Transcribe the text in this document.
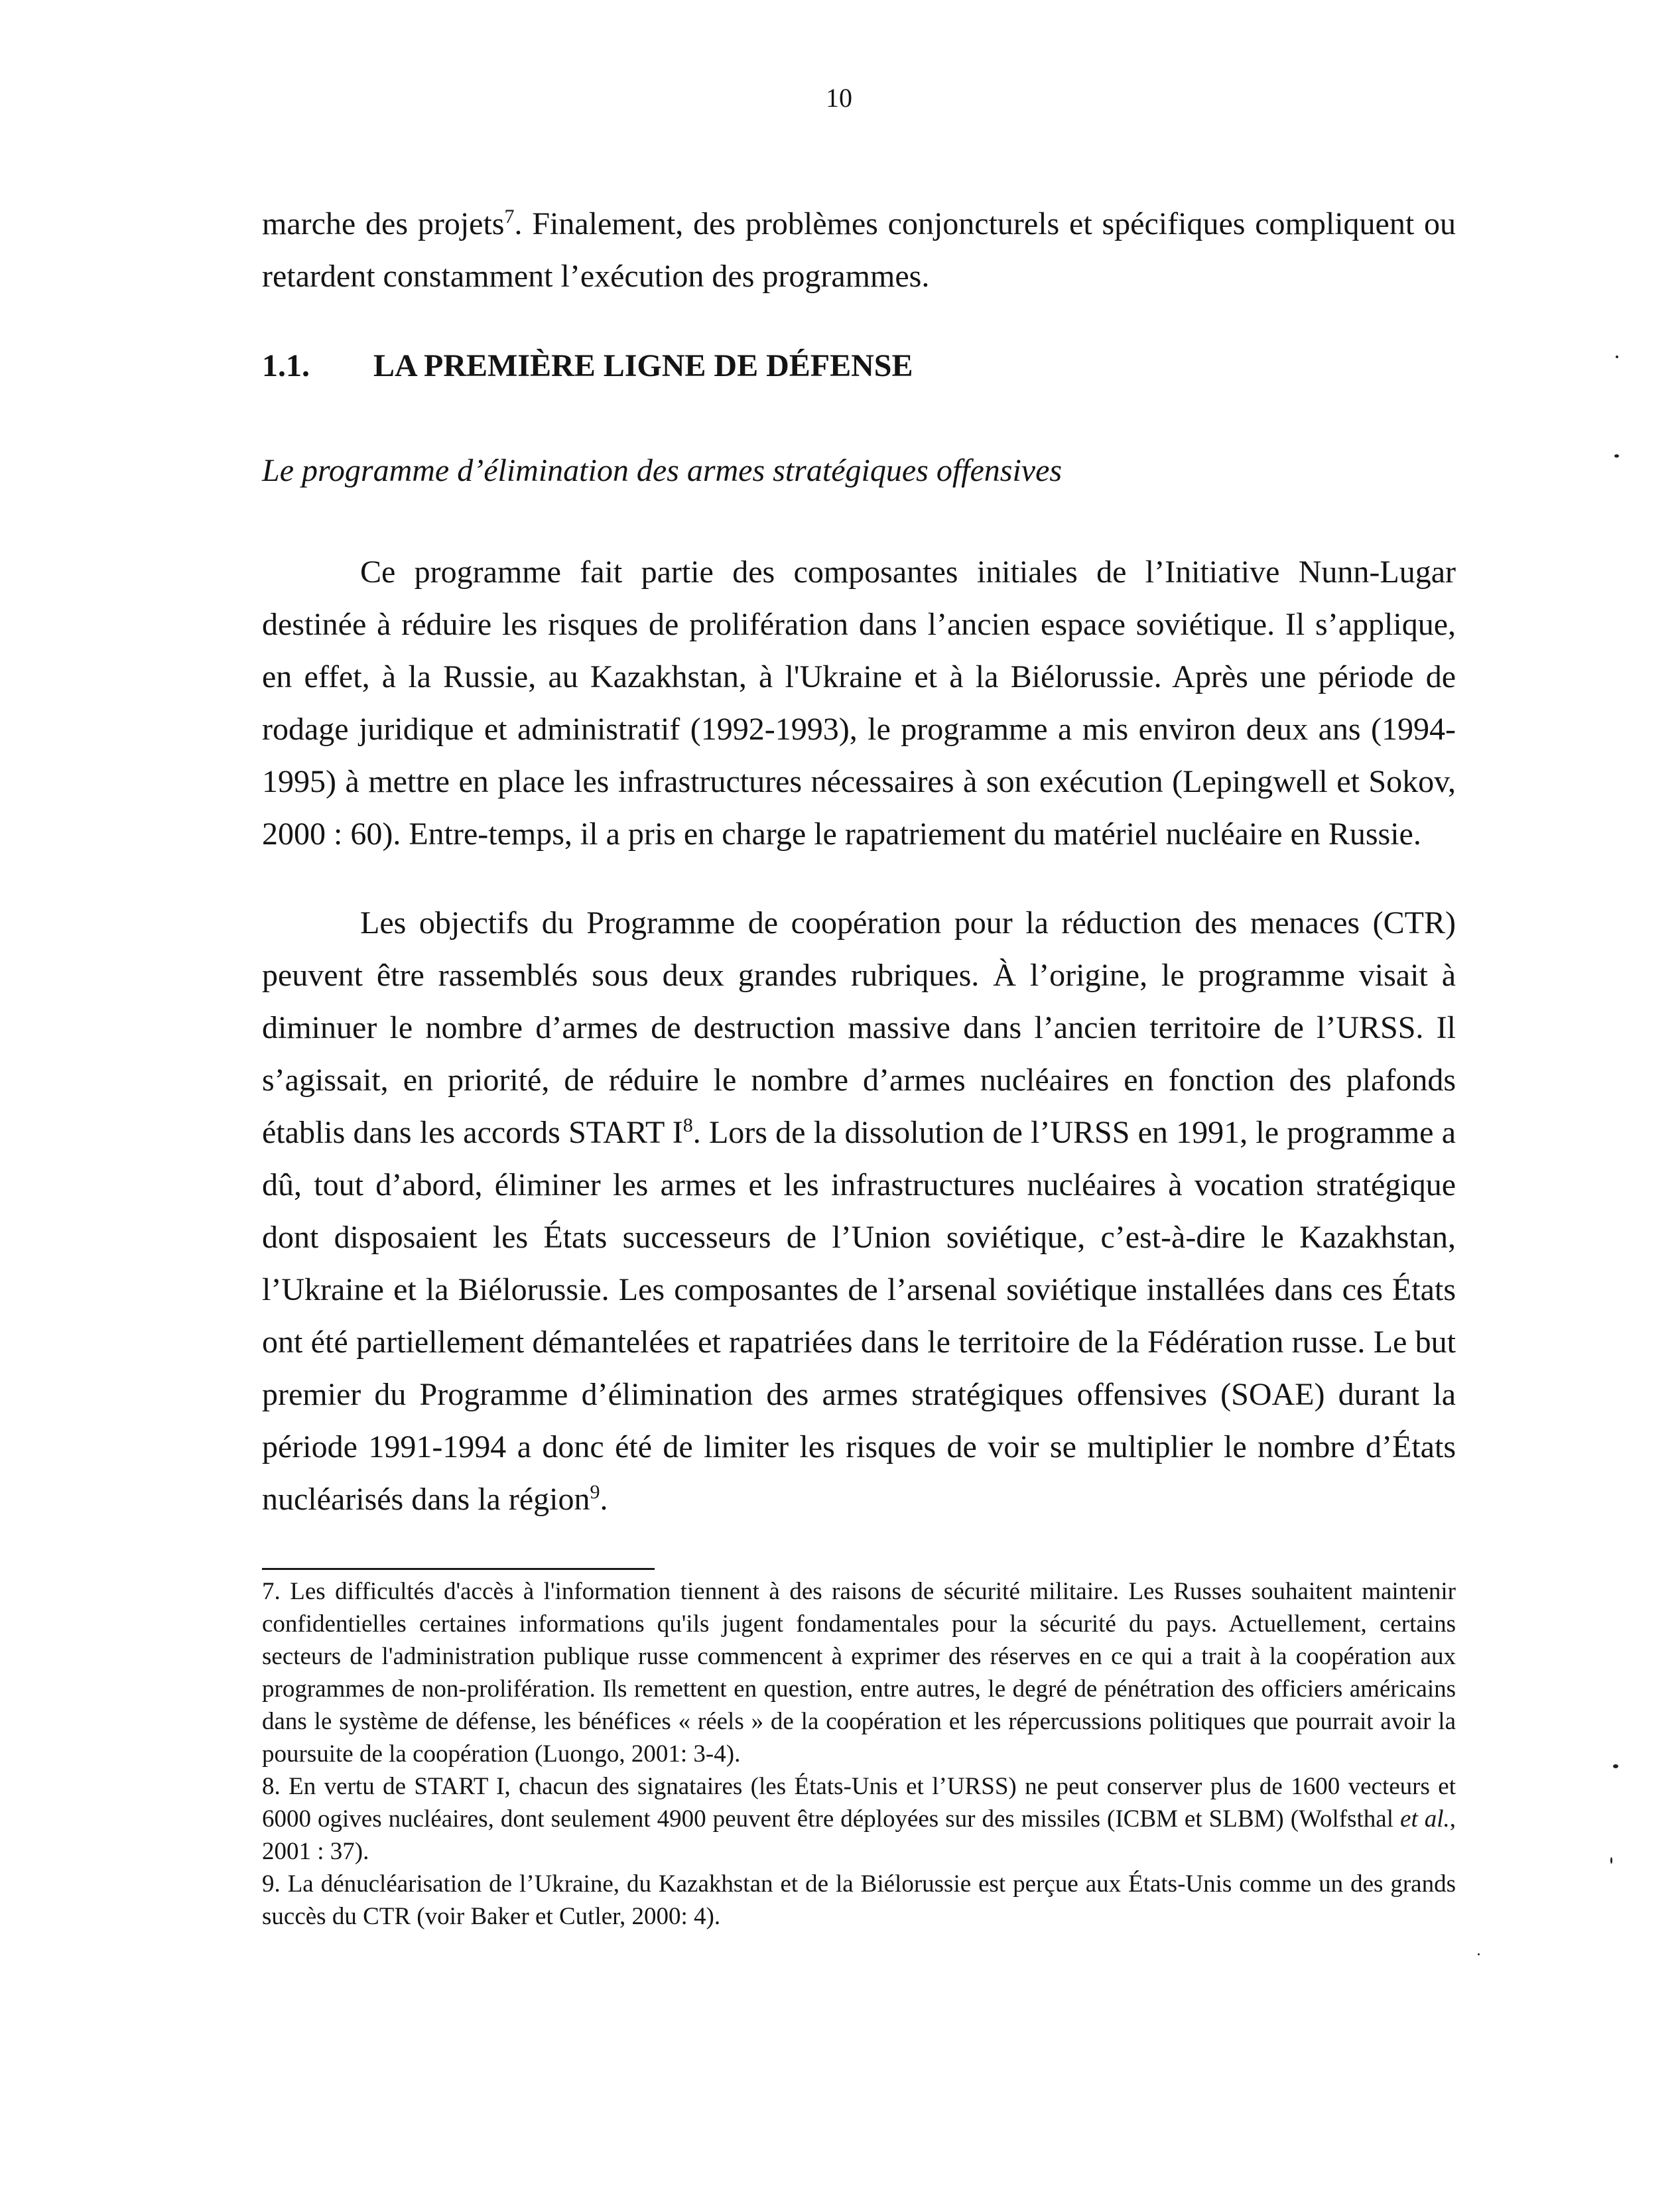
10

marche des projets$^7$. Finalement, des problèmes conjoncturels et spécifiques compliquent ou retardent constamment l’exécution des programmes.

1.1. LA PREMIÈRE LIGNE DE DÉFENSE
Le programme d’élimination des armes stratégiques offensives

Ce programme fait partie des composantes initiales de l’Initiative Nunn-Lugar destinée à réduire les risques de prolifération dans l’ancien espace soviétique. Il s’applique, en effet, à la Russie, au Kazakhstan, à l'Ukraine et à la Biélorussie. Après une période de rodage juridique et administratif (1992-1993), le programme a mis environ deux ans (1994-1995) à mettre en place les infrastructures nécessaires à son exécution (Lepingwell et Sokov, 2000 : 60). Entre-temps, il a pris en charge le rapatriement du matériel nucléaire en Russie.

Les objectifs du Programme de coopération pour la réduction des menaces (CTR) peuvent être rassemblés sous deux grandes rubriques. À l’origine, le programme visait à diminuer le nombre d’armes de destruction massive dans l’ancien territoire de l’URSS. Il s’agissait, en priorité, de réduire le nombre d’armes nucléaires en fonction des plafonds établis dans les accords START $I^8$. Lors de la dissolution de l’URSS en 1991, le programme a dû, tout d’abord, éliminer les armes et les infrastructures nucléaires à vocation stratégique dont disposaient les États successeurs de l’Union soviétique, c’est-à-dire le Kazakhstan, l’Ukraine et la Biélorussie. Les composantes de l’arsenal soviétique installées dans ces États ont été partiellement démantelées et rapatriées dans le territoire de la Fédération russe. Le but premier du Programme d’élimination des armes stratégiques offensives (SOAE) durant la période 1991-1994 a donc été de limiter les risques de voir se multiplier le nombre d’États nucléarisés dans la région$^9$.

7. Les difficultés d'accès à l'information tiennent à des raisons de sécurité militaire. Les Russes souhaitent maintenir confidentielles certaines informations qu'ils jugent fondamentales pour la sécurité du pays. Actuellement, certains secteurs de l'administration publique russe commencent à exprimer des réserves en ce qui a trait à la coopération aux programmes de non-prolifération. Ils remettent en question, entre autres, le degré de pénétration des officiers américains dans le système de défense, les bénéfices « réels » de la coopération et les répercussions politiques que pourrait avoir la poursuite de la coopération (Luongo, 2001: 3-4).

8. En vertu de START I, chacun des signataires (les États-Unis et l’URSS) ne peut conserver plus de 1600 vecteurs et 6000 ogives nucléaires, dont seulement 4900 peuvent être déployées sur des missiles (ICBM et SLBM) (Wolfsthal et al., 2001 : 37).

9. La dénucléarisation de l’Ukraine, du Kazakhstan et de la Biélorussie est perçue aux États-Unis comme un des grands succès du CTR (voir Baker et Cutler, 2000: 4).
